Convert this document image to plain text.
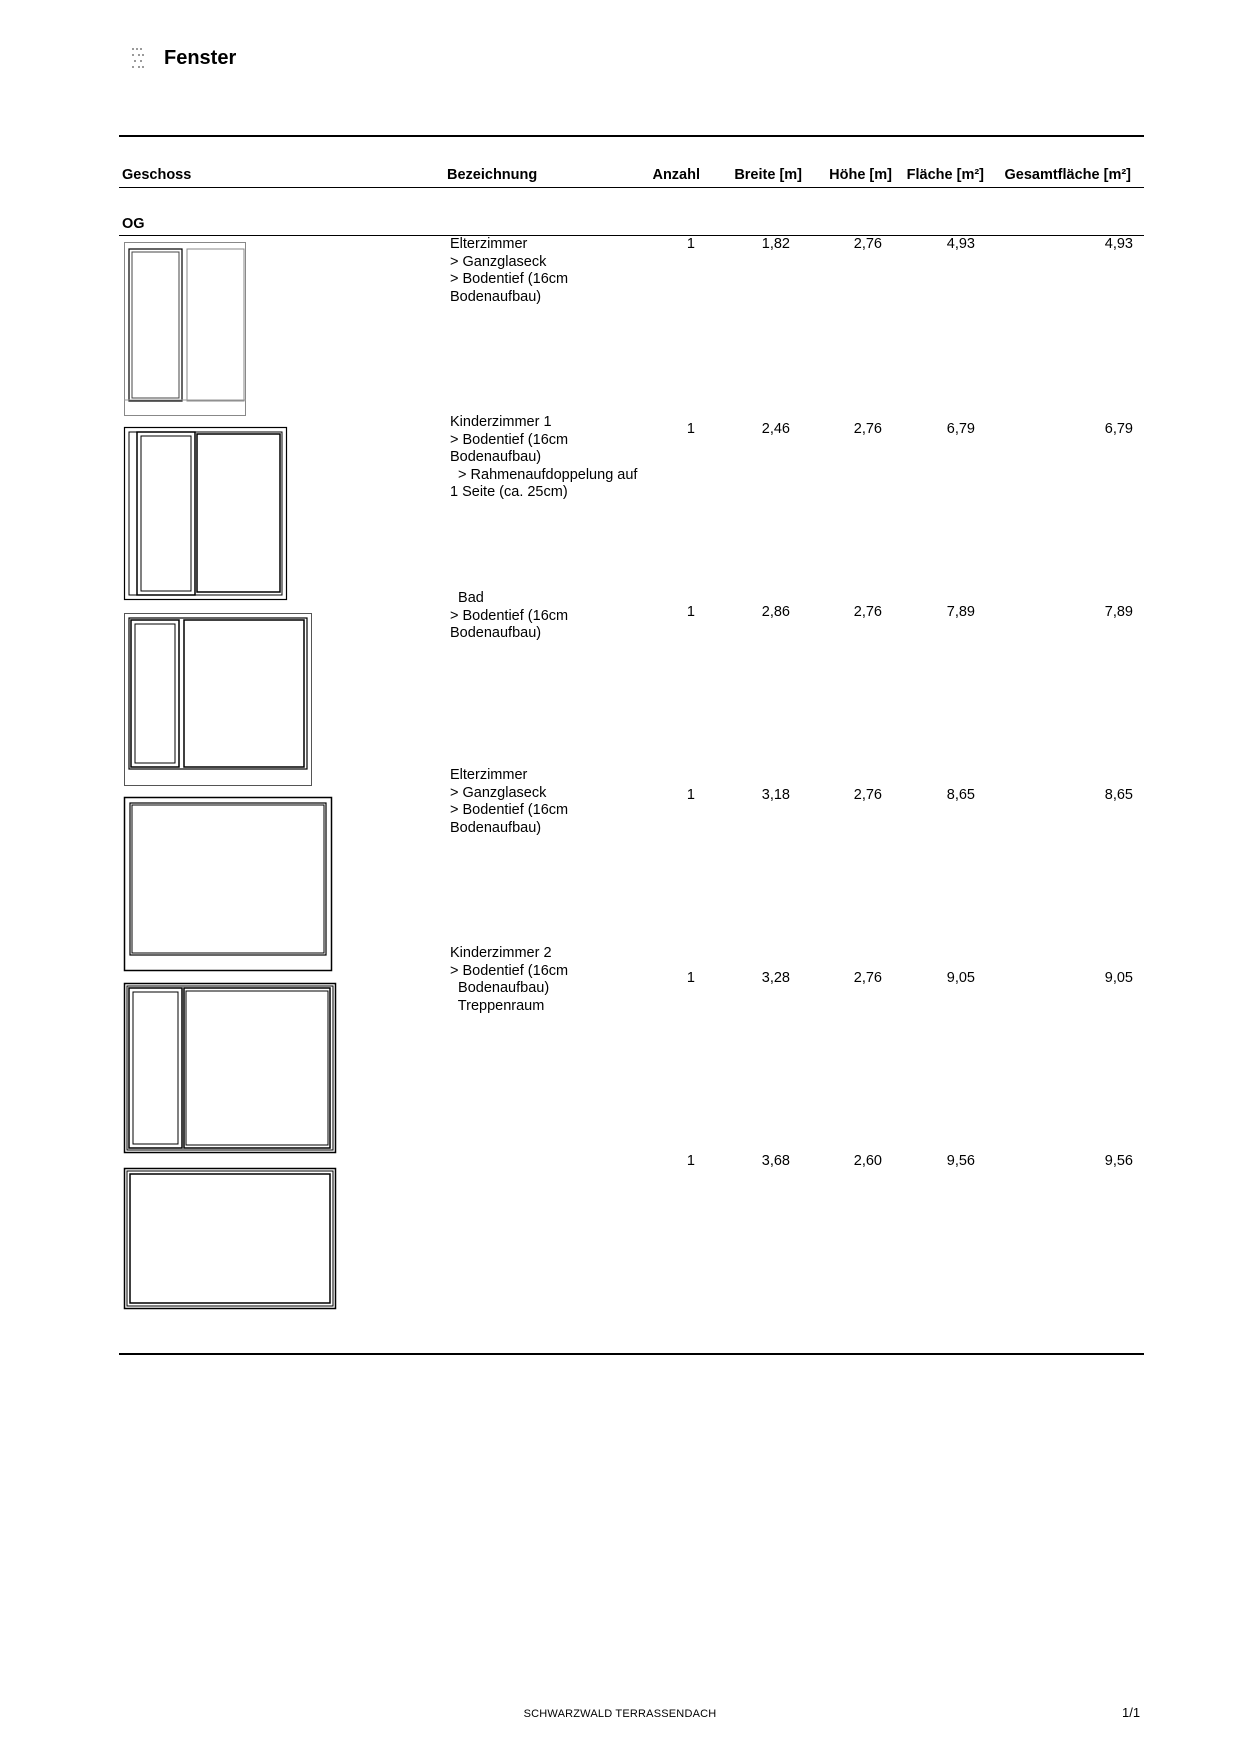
Fenster
Geschoss	Bezeichnung	Anzahl Breite [m] Höhe [m] Fläche [m²] Gesamtfläche [m²]
OG
Elterzimmer
> Ganzglaseck
> Bodentief (16cm
Bodenaufbau)
1	1,82	2,76	4,93	4,93
Kinderzimmer 1
> Bodentief (16cm
Bodenaufbau)
> Rahmenaufdoppelung auf
1 Seite (ca. 25cm)
1	2,46	2,76	6,79	6,79
Bad
> Bodentief (16cm
Bodenaufbau)
1	2,86	2,76	7,89	7,89
Elterzimmer
> Ganzglaseck
> Bodentief (16cm
Bodenaufbau)
1	3,18	2,76	8,65	8,65
Kinderzimmer 2
> Bodentief (16cm
Bodenaufbau)
Treppenraum
1	3,28	2,76	9,05	9,05
1	3,68	2,60	9,56	9,56
SCHWARZWALD TERRASSENDACH	1/1
